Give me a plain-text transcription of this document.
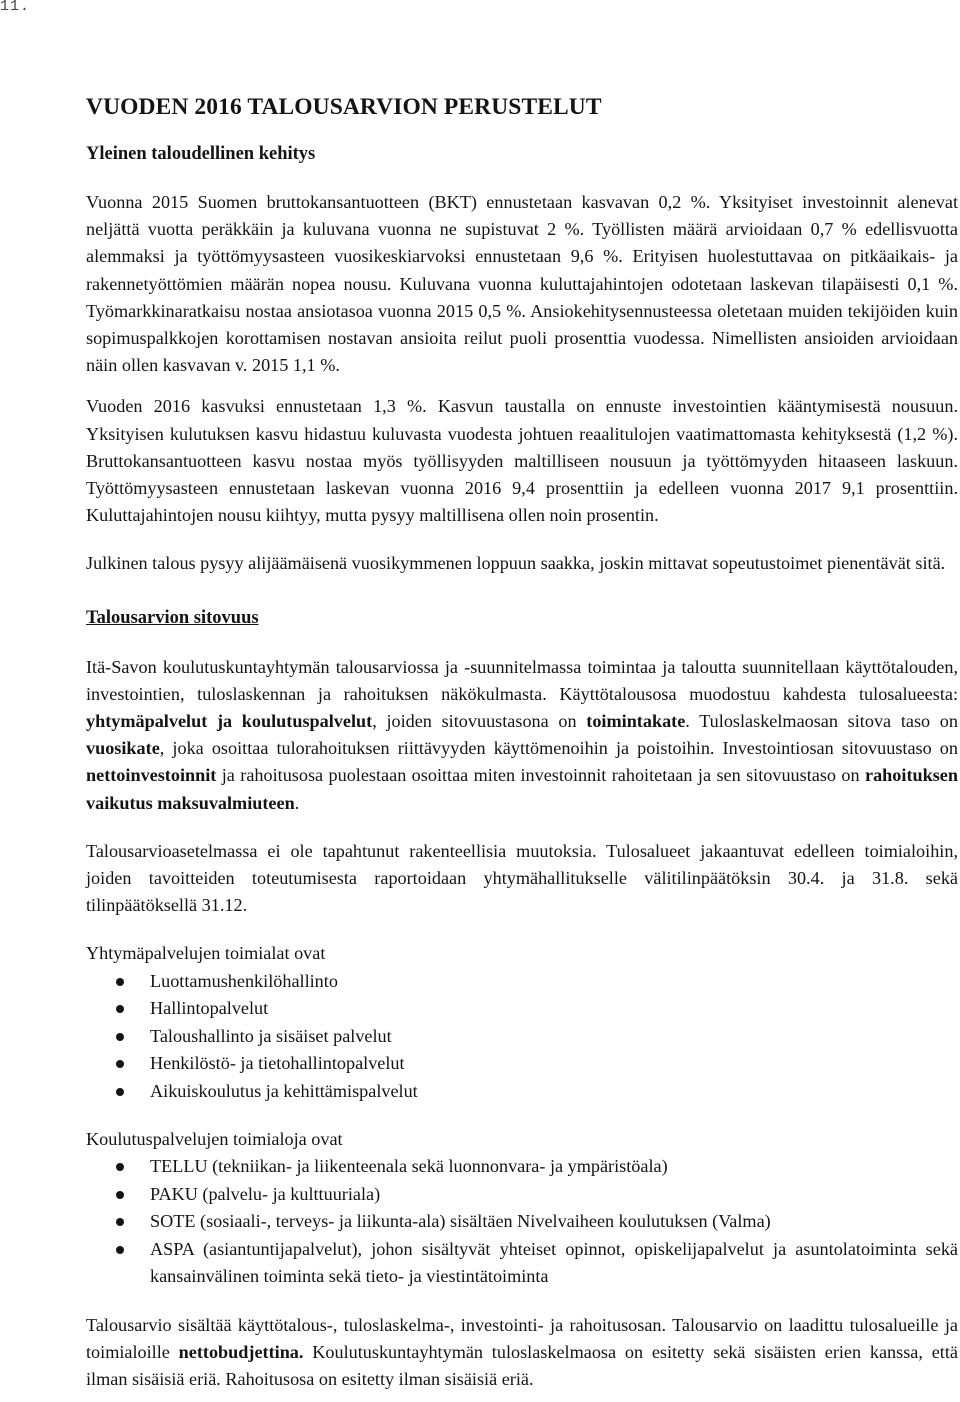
11.
VUODEN 2016 TALOUSARVION PERUSTELUT
Yleinen taloudellinen kehitys

Vuonna 2015 Suomen bruttokansantuotteen (BKT) ennustetaan kasvavan 0,2 %. Yksityiset investoinnit alenevat neljättä vuotta peräkkäin ja kuluvana vuonna ne supistuvat 2 %. Työllisten määrä arvioidaan 0,7 % edellisvuotta alemmaksi ja työttömyysasteen vuosikeskiarvoksi ennustetaan 9,6 %. Erityisen huolestuttavaa on pitkäaikais- ja rakennetyöttömien määrän nopea nousu. Kuluvana vuonna kuluttajahintojen odotetaan laskevan tilapäisesti 0,1 %. Työmarkkinaratkaisu nostaa ansiotasoa vuonna 2015 0,5 %. Ansiokehitysennusteessa oletetaan muiden tekijöiden kuin sopimuspalkkojen korottamisen nostavan ansioita reilut puoli prosenttia vuodessa. Nimellisten ansioiden arvioidaan näin ollen kasvavan v. 2015 1,1 %.

Vuoden 2016 kasvuksi ennustetaan 1,3 %. Kasvun taustalla on ennuste investointien kääntymisestä nousuun. Yksityisen kulutuksen kasvu hidastuu kuluvasta vuodesta johtuen reaalitulojen vaatimattomasta kehityksestä (1,2 %). Bruttokansantuotteen kasvu nostaa myös työllisyyden maltilliseen nousuun ja työttömyyden hitaaseen laskuun. Työttömyysasteen ennustetaan laskevan vuonna 2016 9,4 prosenttiin ja edelleen vuonna 2017 9,1 prosenttiin. Kuluttajahintojen nousu kiihtyy, mutta pysyy maltillisena ollen noin prosentin.

Julkinen talous pysyy alijäämäisenä vuosikymmenen loppuun saakka, joskin mittavat sopeutustoimet pienentävät sitä.

Talousarvion sitovuus

Itä-Savon koulutuskuntayhtymän talousarviossa ja -suunnitelmassa toimintaa ja taloutta suunnitellaan käyttötalouden, investointien, tuloslaskennan ja rahoituksen näkökulmasta. Käyttötalousosa muodostuu kahdesta tulosalueesta: yhtymäpalvelut ja koulutuspalvelut, joiden sitovuustasona on toimintakate. Tuloslaskelmaosan sitova taso on vuosikate, joka osoittaa tulorahoituksen riittävyyden käyttömenoihin ja poistoihin. Investointiosan sitovuustaso on nettoinvestoinnit ja rahoitusosa puolestaan osoittaa miten investoinnit rahoitetaan ja sen sitovuustaso on rahoituksen vaikutus maksuvalmiuteen.

Talousarvioasetelmassa ei ole tapahtunut rakenteellisia muutoksia. Tulosalueet jakaantuvat edelleen toimialoihin, joiden tavoitteiden toteutumisesta raportoidaan yhtymähallitukselle välitilinpäätöksin 30.4. ja 31.8. sekä tilinpäätöksellä 31.12.

Yhtymäpalvelujen toimialat ovat

Luottamushenkilöhallinto
Hallintopalvelut
Taloushallinto ja sisäiset palvelut
Henkilöstö- ja tietohallintopalvelut
Aikuiskoulutus ja kehittämispalvelut

Koulutuspalvelujen toimialoja ovat

TELLU (tekniikan- ja liikenteenala sekä luonnonvara- ja ympäristöala)
PAKU (palvelu- ja kulttuuriala)
SOTE (sosiaali-, terveys- ja liikunta-ala) sisältäen Nivelvaiheen koulutuksen (Valma)
ASPA (asiantuntijapalvelut), johon sisältyvät yhteiset opinnot, opiskelijapalvelut ja asuntolatoiminta sekä kansainvälinen toiminta sekä tieto- ja viestintätoiminta

Talousarvio sisältää käyttötalous-, tuloslaskelma-, investointi- ja rahoitusosan. Talousarvio on laadittu tulosalueille ja toimialoille nettobudjettina. Koulutuskuntayhtymän tuloslaskelmaosa on esitetty sekä sisäisten erien kanssa, että ilman sisäisiä eriä. Rahoitusosa on esitetty ilman sisäisiä eriä.
